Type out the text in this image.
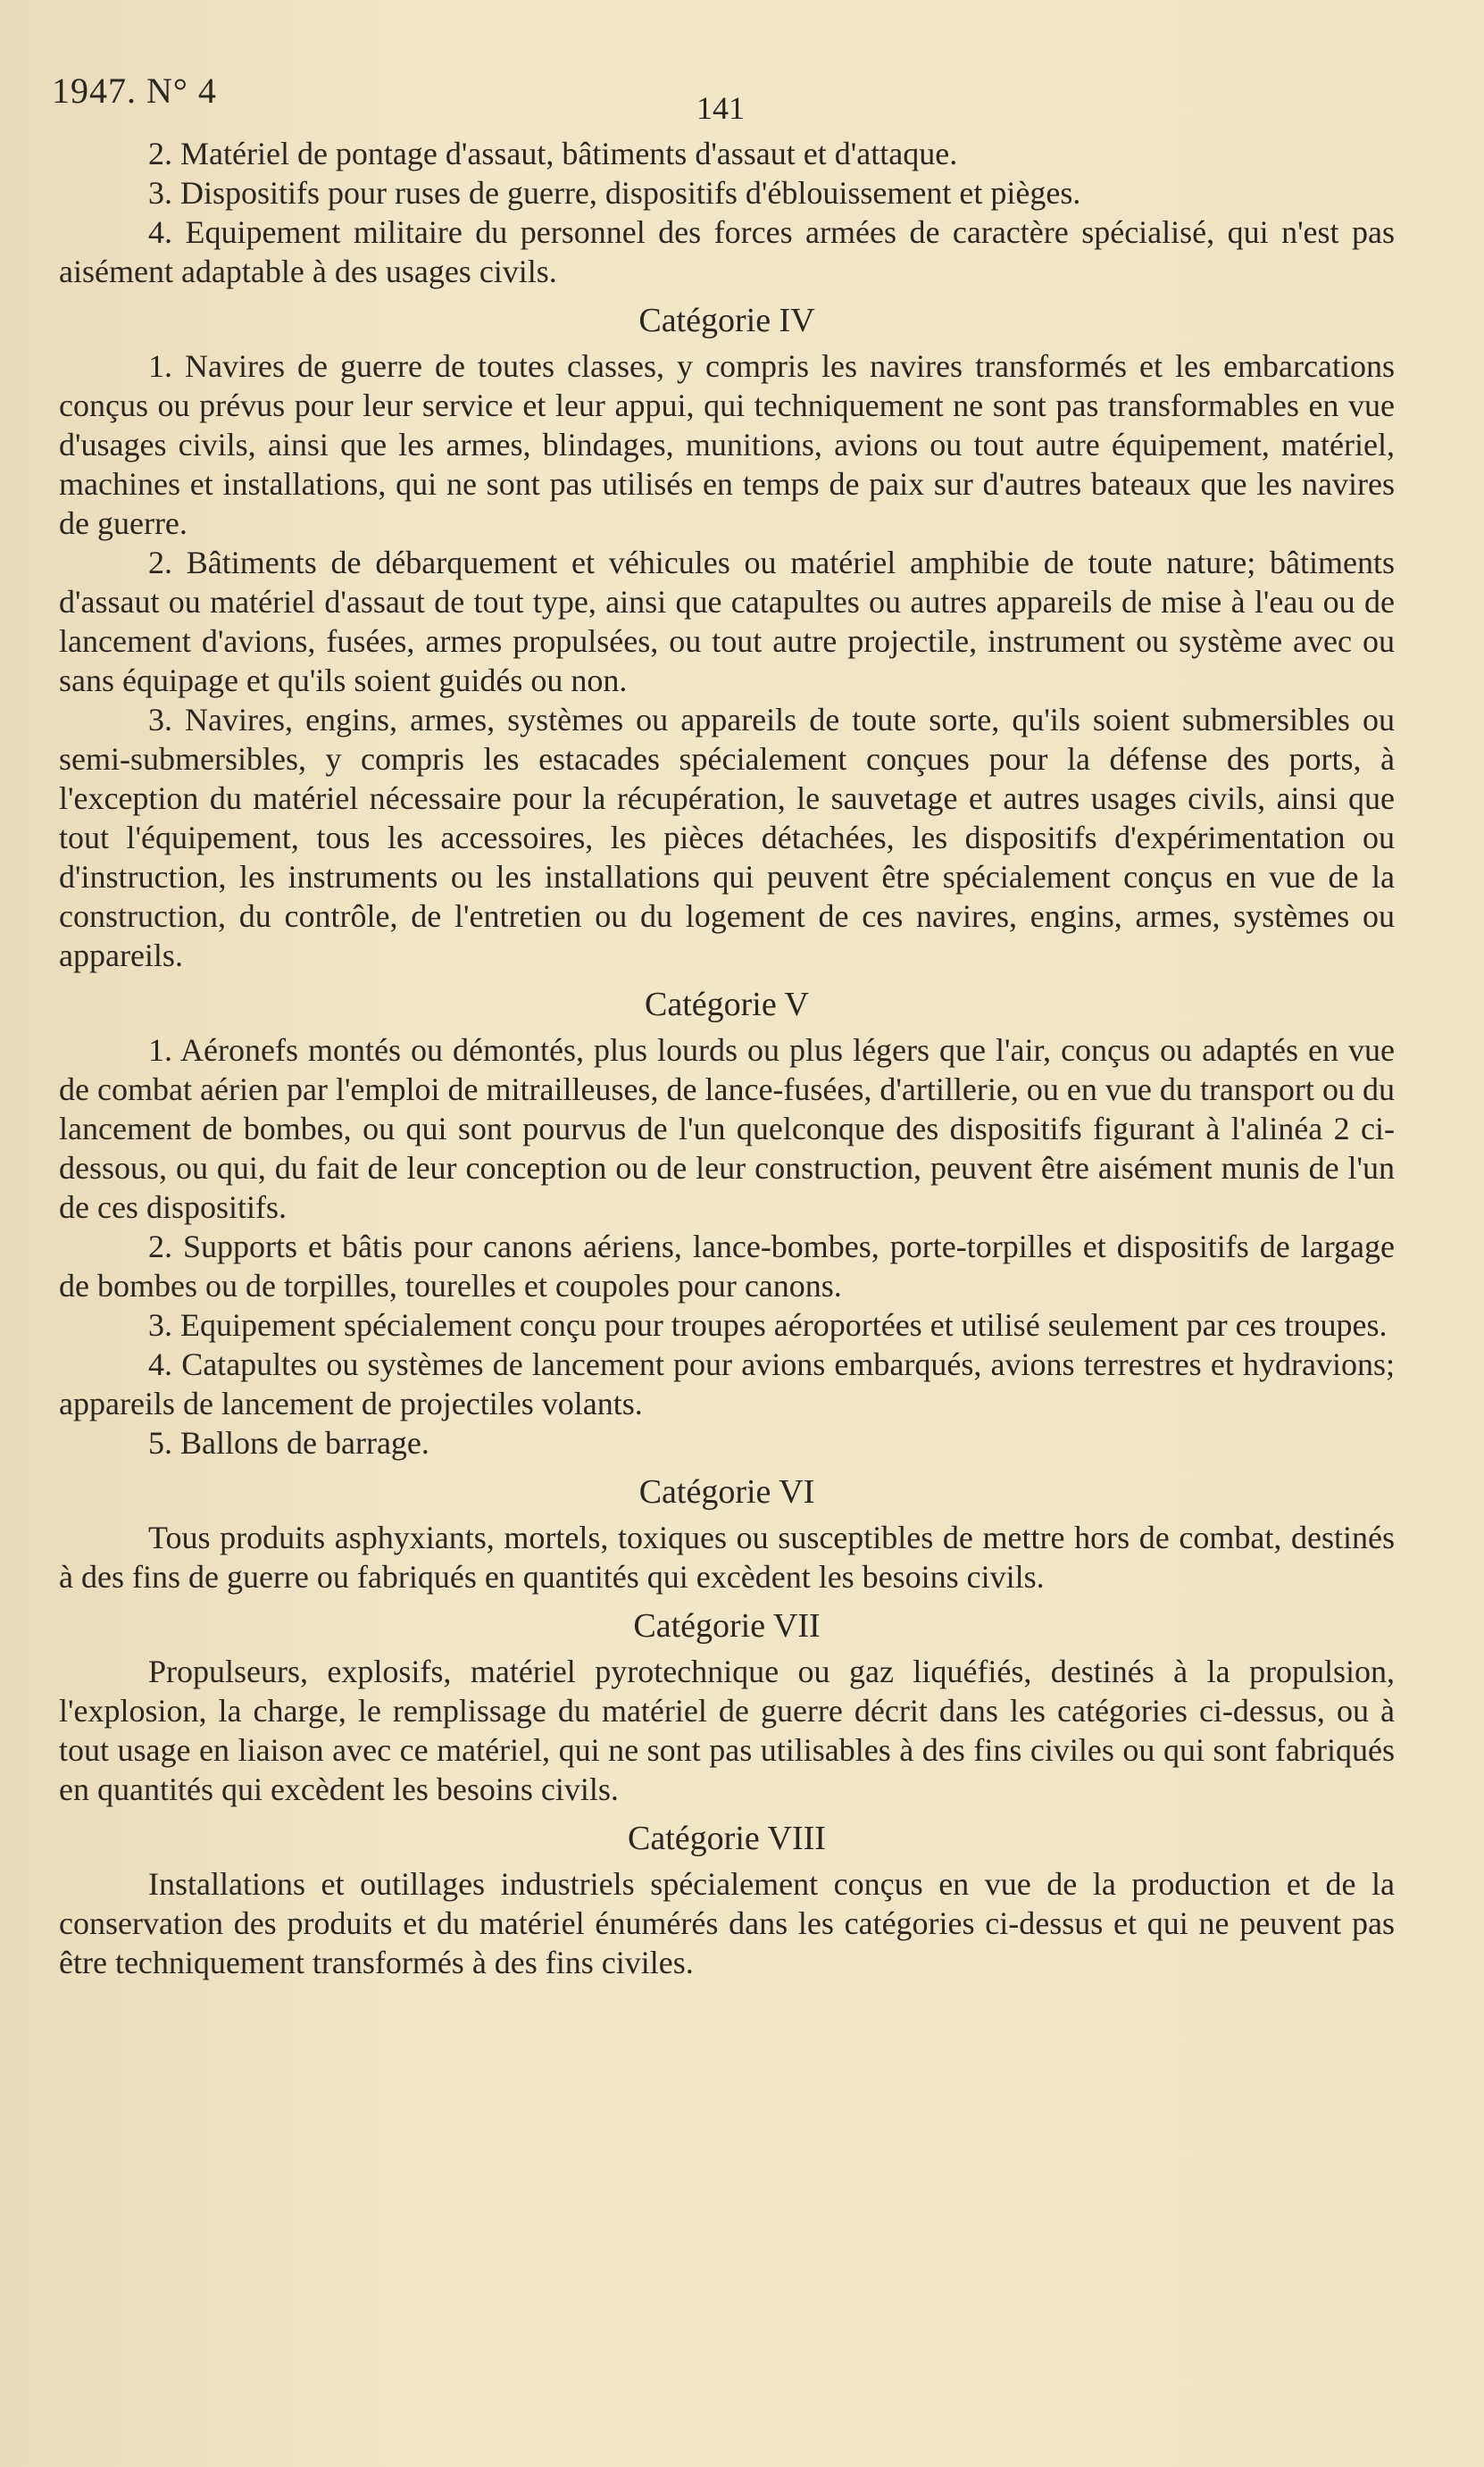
1947. N° 4	141

2. Matériel de pontage d'assaut, bâtiments d'assaut et d'attaque.

3. Dispositifs pour ruses de guerre, dispositifs d'éblouissement et pièges.

4. Equipement militaire du personnel des forces armées de caractère spécialisé, qui n'est pas aisément adaptable à des usages civils.

Catégorie IV

1. Navires de guerre de toutes classes, y compris les navires transformés et les embarcations conçus ou prévus pour leur service et leur appui, qui techniquement ne sont pas transformables en vue d'usages civils, ainsi que les armes, blindages, munitions, avions ou tout autre équipement, matériel, machines et installations, qui ne sont pas utilisés en temps de paix sur d'autres bateaux que les navires de guerre.

2. Bâtiments de débarquement et véhicules ou matériel amphibie de toute nature; bâtiments d'assaut ou matériel d'assaut de tout type, ainsi que catapultes ou autres appareils de mise à l'eau ou de lancement d'avions, fusées, armes propulsées, ou tout autre projectile, instrument ou système avec ou sans équipage et qu'ils soient guidés ou non.

3. Navires, engins, armes, systèmes ou appareils de toute sorte, qu'ils soient submersibles ou semi-submersibles, y compris les estacades spécialement conçues pour la défense des ports, à l'exception du matériel nécessaire pour la récupération, le sauvetage et autres usages civils, ainsi que tout l'équipement, tous les accessoires, les pièces détachées, les dispositifs d'expérimentation ou d'instruction, les instruments ou les installations qui peuvent être spécialement conçus en vue de la construction, du contrôle, de l'entretien ou du logement de ces navires, engins, armes, systèmes ou appareils.

Catégorie V

1. Aéronefs montés ou démontés, plus lourds ou plus légers que l'air, conçus ou adaptés en vue de combat aérien par l'emploi de mitrailleuses, de lance-fusées, d'artillerie, ou en vue du transport ou du lancement de bombes, ou qui sont pourvus de l'un quelconque des dispositifs figurant à l'alinéa 2 ci-dessous, ou qui, du fait de leur conception ou de leur construction, peuvent être aisément munis de l'un de ces dispositifs.

2. Supports et bâtis pour canons aériens, lance-bombes, porte-torpilles et dispositifs de largage de bombes ou de torpilles, tourelles et coupoles pour canons.

3. Equipement spécialement conçu pour troupes aéroportées et utilisé seulement par ces troupes.

4. Catapultes ou systèmes de lancement pour avions embarqués, avions terrestres et hydravions; appareils de lancement de projectiles volants.

5. Ballons de barrage.

Catégorie VI

Tous produits asphyxiants, mortels, toxiques ou susceptibles de mettre hors de combat, destinés à des fins de guerre ou fabriqués en quantités qui excèdent les besoins civils.

Catégorie VII

Propulseurs, explosifs, matériel pyrotechnique ou gaz liquéfiés, destinés à la propulsion, l'explosion, la charge, le remplissage du matériel de guerre décrit dans les catégories ci-dessus, ou à tout usage en liaison avec ce matériel, qui ne sont pas utilisables à des fins civiles ou qui sont fabriqués en quantités qui excèdent les besoins civils.

Catégorie VIII

Installations et outillages industriels spécialement conçus en vue de la production et de la conservation des produits et du matériel énumérés dans les catégories ci-dessus et qui ne peuvent pas être techniquement transformés à des fins civiles.
